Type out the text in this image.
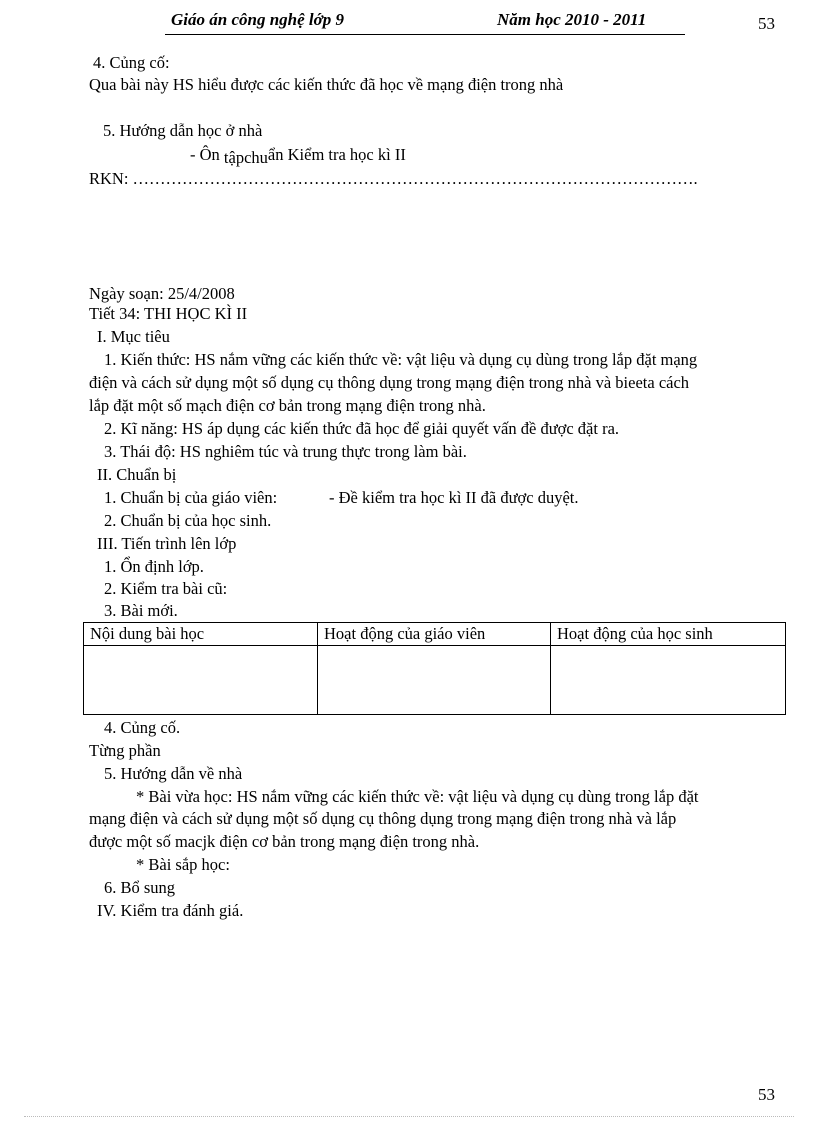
Giáo án công nghệ lớp 9	Năm học 2010 - 2011	53
4. Củng cố:
Qua bài này HS hiểu được các kiến thức đã học về mạng điện trong nhà
5. Hướng dẫn học ở nhà
- Ôn tậpchuẩn Kiểm tra học kì II
RKN: ………………………………………………………………………………………….
Ngày soạn: 25/4/2008
Tiết 34: THI HỌC KÌ II
I. Mục tiêu
1. Kiến thức: HS nắm vững các kiến thức về: vật liệu và dụng cụ dùng trong lắp đặt mạng
điện và cách sử dụng một số dụng cụ thông dụng trong mạng điện trong nhà và bieeta cách
lắp đặt một số mạch điện cơ bản trong mạng điện trong nhà.
2. Kĩ năng: HS áp dụng các kiến thức đã học để giải quyết vấn đề được đặt ra.
3. Thái độ: HS nghiêm túc và trung thực trong làm bài.
II. Chuẩn bị
1. Chuẩn bị của giáo viên:	- Đề kiểm tra học kì II đã được duyệt.
2. Chuẩn bị của học sinh.
III. Tiến trình lên lớp
1. Ổn định lớp.
2. Kiểm tra bài cũ:
3. Bài mới.
Nội dung bài học	Hoạt động của giáo viên	Hoạt động của học sinh

4. Củng cố.
Từng phần
5. Hướng dẫn về nhà
* Bài vừa học: HS nắm vững các kiến thức về: vật liệu và dụng cụ dùng trong lắp đặt
mạng điện và cách sử dụng một số dụng cụ thông dụng trong mạng điện trong nhà và lắp
được một số macjk điện cơ bản trong mạng điện trong nhà.
* Bài sắp học:
6. Bổ sung
IV. Kiểm tra đánh giá.
53
